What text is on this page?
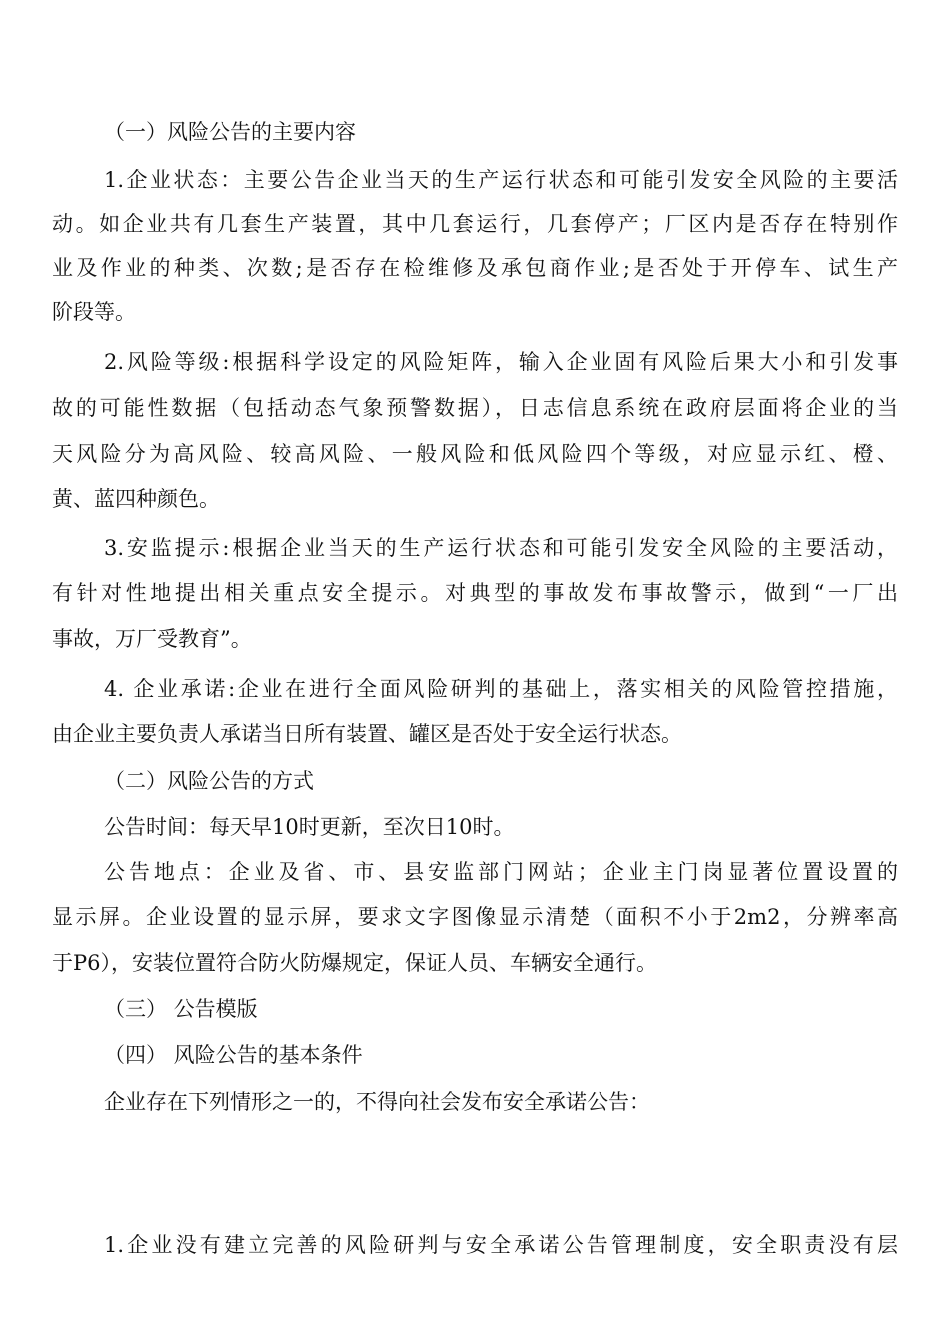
（一）风险公告的主要内容
1.企业状态：主要公告企业当天的生产运行状态和可能引发安全风险的主要活
动。如企业共有几套生产装置，其中几套运行，几套停产；厂区内是否存在特别作
业及作业的种类、次数;是否存在检维修及承包商作业;是否处于开停车、试生产
阶段等。
2.风险等级:根据科学设定的风险矩阵，输入企业固有风险后果大小和引发事
故的可能性数据（包括动态气象预警数据），日志信息系统在政府层面将企业的当
天风险分为高风险、较高风险、一般风险和低风险四个等级，对应显示红、橙、
黄、蓝四种颜色。
3.安监提示:根据企业当天的生产运行状态和可能引发安全风险的主要活动，
有针对性地提出相关重点安全提示。对典型的事故发布事故警示，做到“一厂出
事故，万厂受教育”。
4. 企业承诺:企业在进行全面风险研判的基础上，落实相关的风险管控措施，
由企业主要负责人承诺当日所有装置、罐区是否处于安全运行状态。
（二）风险公告的方式
公告时间：每天早10时更新，至次日10时。
公告地点：企业及省、市、县安监部门网站；企业主门岗显著位置设置的
显示屏。企业设置的显示屏，要求文字图像显示清楚（面积不小于2m2，分辨率高
于P6），安装位置符合防火防爆规定，保证人员、车辆安全通行。
（三） 公告模版
（四） 风险公告的基本条件
企业存在下列情形之一的，不得向社会发布安全承诺公告：
1.企业没有建立完善的风险研判与安全承诺公告管理制度，安全职责没有层
